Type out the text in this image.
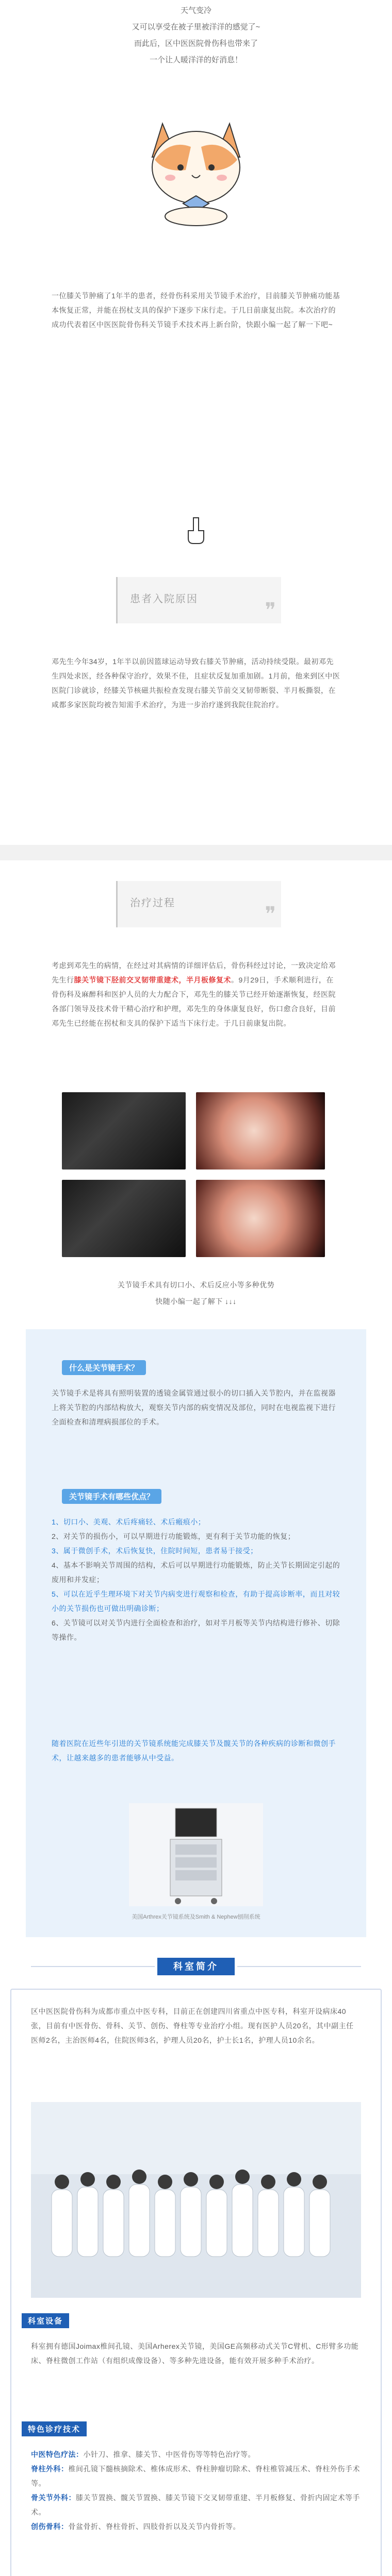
天气变冷
又可以享受在被子里被洋洋的感觉了~
而此后，区中医医院骨伤科也带来了
一个让人暖洋洋的好消息！
一位膝关节肿痛了1年半的患者，经骨伤科采用关节镜手术治疗，目前膝关节肿痛功能基本恢复正常，并能在拐杖支具的保护下逐步下床行走。于几日前康复出院。本次治疗的成功代表着区中医医院骨伤科关节镜手术技术再上新台阶，快跟小编一起了解一下吧~
患者入院原因	❞
邓先生今年34岁，1年半以前因篮球运动导致右膝关节肿痛，活动持续受限。最初邓先生四处求医，经各种保守治疗，效果不佳，且症状反复加重加剧。1月前，他来到区中医医院门诊就诊，经膝关节核磁共振检查发现右膝关节前交叉韧带断裂、半月板撕裂，在咸都多家医院均被告知需手术治疗，为进一步治疗遂到我院住院治疗。
治疗过程	❞
考虑到邓先生的病情，在经过对其病情的详细评估后，骨伤科经过讨论，一致决定给邓先生行膝关节镜下胫前交叉韧带重建术，半月板修复术。9月29日，手术顺利进行，在骨伤科及麻醉科和医护人员的大力配合下，邓先生的膝关节已经开始逐渐恢复，经医院各部门领导及技术骨干精心治疗和护理，邓先生的身体康复良好，伤口愈合良好，目前邓先生已经能在拐杖和支具的保护下适当下床行走。于几日前康复出院。
关节镜手术具有切口小、术后反应小等多种优势
快随小编一起了解下 ↓↓↓
什么是关节镜手术？
关节镜手术是将具有照明装置的透镜金属管通过很小的切口插入关节腔内，并在监视器上将关节腔的内部结构放大，观察关节内部的病变情况及部位，同时在电视监视下进行全面检查和清理病损部位的手术。
关节镜手术有哪些优点？
1、切口小、美观、术后疼痛轻、术后瘢痕小；
2、对关节的损伤小，可以早期进行功能锻炼，更有利于关节功能的恢复；
3、属于微创手术，术后恢复快，住院时间短，患者易于接受；
4、基本不影响关节周围的结构，术后可以早期进行功能锻炼，防止关节长期固定引起的废用和并发症；
5、可以在近乎生理环境下对关节内病变进行观察和检查，有助于提高诊断率，而且对较小的关节损伤也可做出明确诊断；
6、关节镜可以对关节内进行全面检查和治疗，如对半月板等关节内结构进行修补、切除等操作。
随着医院在近些年引进的关节镜系统能完成膝关节及髋关节的各种疾病的诊断和微创手术，让越来越多的患者能够从中受益。
美国Arthrex关节镜系统及Smith & Nephew刨削系统
科室简介
区中医医院骨伤科为成都市重点中医专科，目前正在创建四川省重点中医专科，科室开设病床40张，目前有中医骨伤、骨科、关节、创伤、脊柱等专业治疗小组。现有医护人员20名，其中副主任医师2名，主治医师4名，住院医师3名，护理人员20名，护士长1名，护理人员10余名。
科室设备
科室拥有德国Joimax椎间孔镜、美国Arherex关节镜，美国GE高频移动式关节C臂机、C形臂多功能床、脊柱微创工作站（有组织成像设备）、等多种先进设备，能有效开展多种手术治疗。
特色诊疗技术
中医特色疗法：小针刀、推拿、膝关节、中医骨伤等等特色治疗等。
脊柱外科：椎间孔镜下髓核摘除术、椎体成形术、脊柱肿瘤切除术、脊柱椎管减压术、脊柱外伤手术等。
骨关节外科：膝关节置换、髋关节置换、膝关节镜下交叉韧带重建、半月板修复、骨折内固定术等手术。
创伤骨科：骨盆骨折、脊柱骨折、四肢骨折以及关节内骨折等。
